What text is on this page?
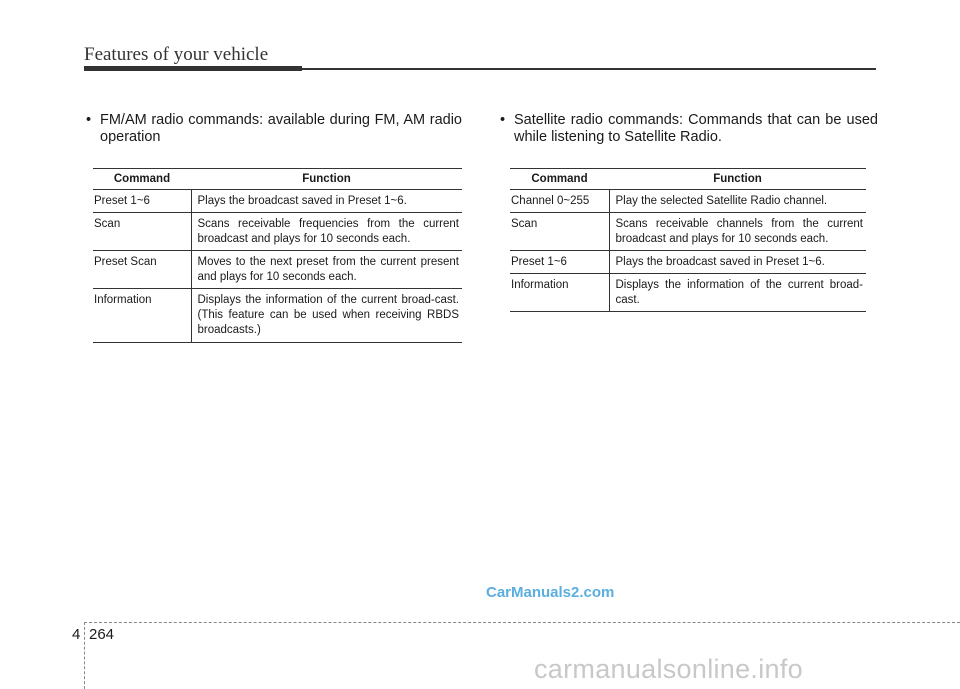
Features of your vehicle
• FM/AM radio commands: available during FM, AM radio operation
• Satellite radio commands: Commands that can be used while listening to Satellite Radio.
Command	Function
Preset 1~6	Plays the broadcast saved in Preset 1~6.
Scan	Scans receivable frequencies from the current broadcast and plays for 10 seconds each.
Preset Scan	Moves to the next preset from the current present and plays for 10 seconds each.
Information	Displays the information of the current broad-cast.(This feature can be used when receiving RBDS broadcasts.)
Command	Function
Channel 0~255	Play the selected Satellite Radio channel.
Scan	Scans receivable channels from the current broadcast and plays for 10 seconds each.
Preset 1~6	Plays the broadcast saved in Preset 1~6.
Information	Displays the information of the current broad-cast.
CarManuals2.com
4 264
carmanualsonline.info
